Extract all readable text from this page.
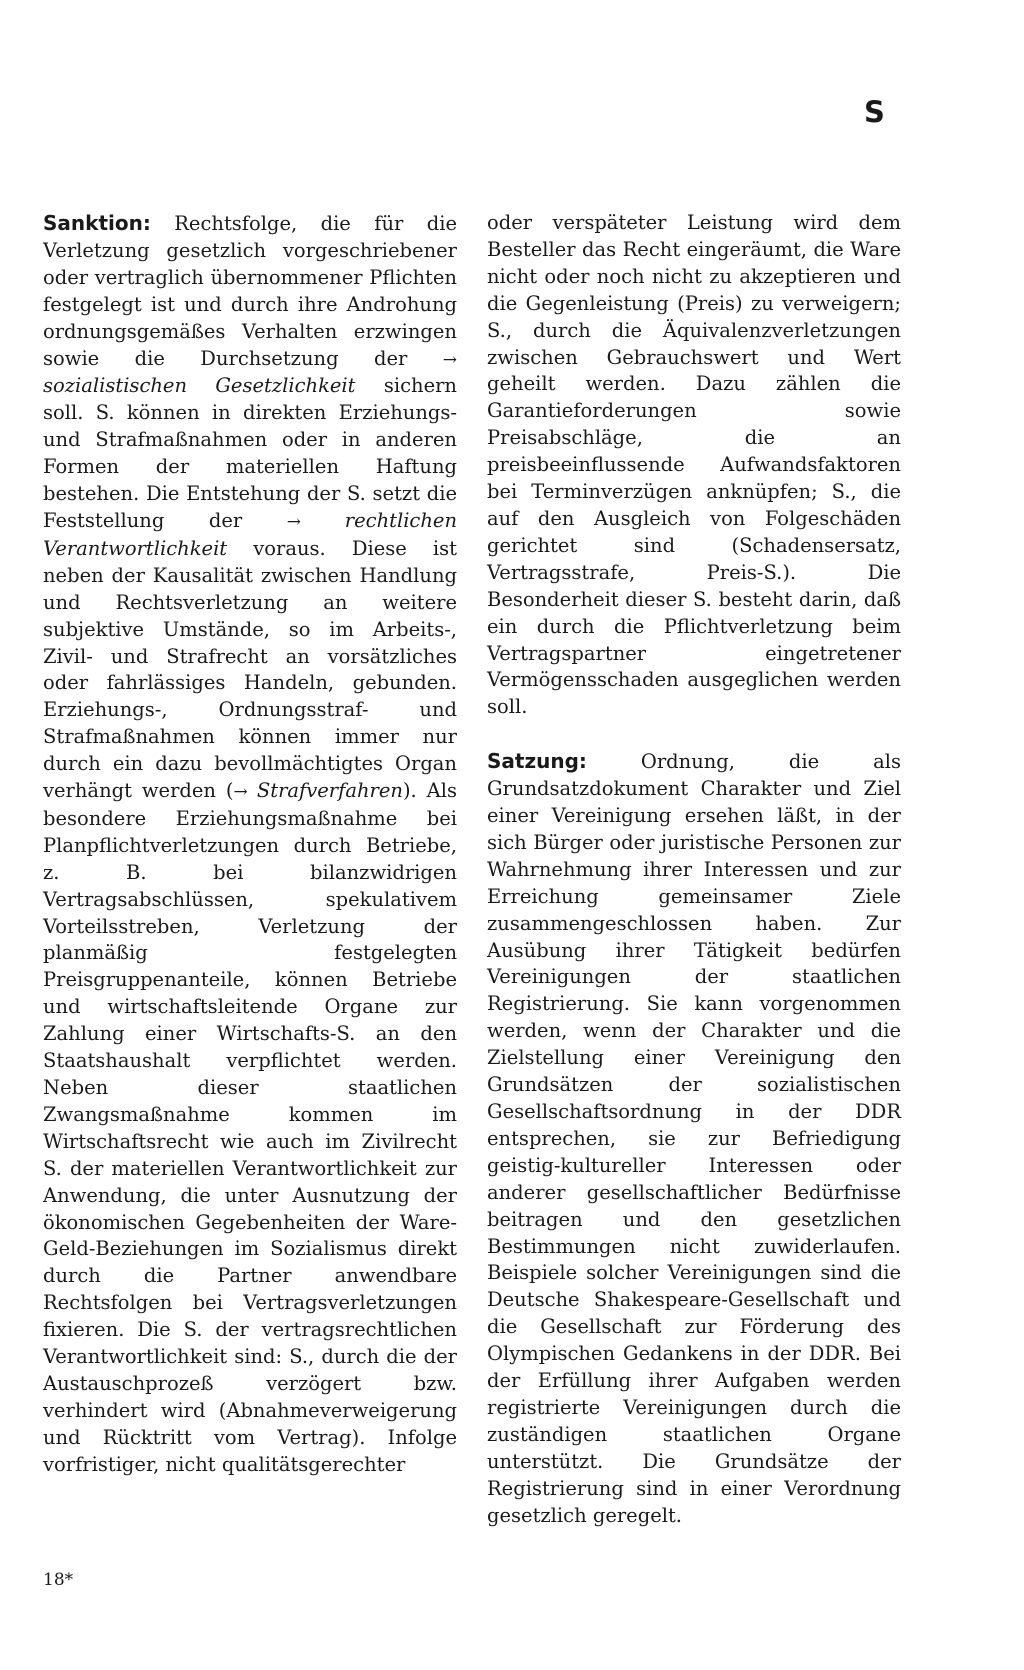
S

Sanktion: Rechtsfolge, die für die Verletzung gesetzlich vorgeschriebener oder vertraglich übernommener Pflichten festgelegt ist und durch ihre Androhung ordnungsgemäßes Verhalten erzwingen sowie die Durchsetzung der → sozialistischen Gesetzlichkeit sichern soll. S. können in direkten Erziehungs- und Strafmaßnahmen oder in anderen Formen der materiellen Haftung bestehen. Die Entstehung der S. setzt die Feststellung der → rechtlichen Verantwortlichkeit voraus. Diese ist neben der Kausalität zwischen Handlung und Rechtsverletzung an weitere subjektive Umstände, so im Arbeits-, Zivil- und Strafrecht an vorsätzliches oder fahrlässiges Handeln, gebunden. Erziehungs-, Ordnungsstraf- und Strafmaßnahmen können immer nur durch ein dazu bevollmächtigtes Organ verhängt werden (→ Strafverfahren). Als besondere Erziehungsmaßnahme bei Planpflichtverletzungen durch Betriebe, z. B. bei bilanzwidrigen Vertragsabschlüssen, spekulativem Vorteilsstreben, Verletzung der planmäßig festgelegten Preisgruppenanteile, können Betriebe und wirtschaftsleitende Organe zur Zahlung einer Wirtschafts-S. an den Staatshaushalt verpflichtet werden. Neben dieser staatlichen Zwangsmaßnahme kommen im Wirtschaftsrecht wie auch im Zivilrecht S. der materiellen Verantwortlichkeit zur Anwendung, die unter Ausnutzung der ökonomischen Gegebenheiten der Ware-Geld-Beziehungen im Sozialismus direkt durch die Partner anwendbare Rechtsfolgen bei Vertragsverletzungen fixieren. Die S. der vertragsrechtlichen Verantwortlichkeit sind: S., durch die der Austauschprozeß verzögert bzw. verhindert wird (Abnahmeverweigerung und Rücktritt vom Vertrag). Infolge vorfristiger, nicht qualitätsgerechter

oder verspäteter Leistung wird dem Besteller das Recht eingeräumt, die Ware nicht oder noch nicht zu akzeptieren und die Gegenleistung (Preis) zu verweigern; S., durch die Äquivalenzverletzungen zwischen Gebrauchswert und Wert geheilt werden. Dazu zählen die Garantieforderungen sowie Preisabschläge, die an preisbeeinflussende Aufwandsfaktoren bei Terminverzügen anknüpfen; S., die auf den Ausgleich von Folgeschäden gerichtet sind (Schadensersatz, Vertragsstrafe, Preis-S.). Die Besonderheit dieser S. besteht darin, daß ein durch die Pflichtverletzung beim Vertragspartner eingetretener Vermögensschaden ausgeglichen werden soll.

Satzung: Ordnung, die als Grundsatzdokument Charakter und Ziel einer Vereinigung ersehen läßt, in der sich Bürger oder juristische Personen zur Wahrnehmung ihrer Interessen und zur Erreichung gemeinsamer Ziele zusammengeschlossen haben. Zur Ausübung ihrer Tätigkeit bedürfen Vereinigungen der staatlichen Registrierung. Sie kann vorgenommen werden, wenn der Charakter und die Zielstellung einer Vereinigung den Grundsätzen der sozialistischen Gesellschaftsordnung in der DDR entsprechen, sie zur Befriedigung geistig-kultureller Interessen oder anderer gesellschaftlicher Bedürfnisse beitragen und den gesetzlichen Bestimmungen nicht zuwiderlaufen. Beispiele solcher Vereinigungen sind die Deutsche Shakespeare-Gesellschaft und die Gesellschaft zur Förderung des Olympischen Gedankens in der DDR. Bei der Erfüllung ihrer Aufgaben werden registrierte Vereinigungen durch die zuständigen staatlichen Organe unterstützt. Die Grundsätze der Registrierung sind in einer Verordnung gesetzlich geregelt.

18*
